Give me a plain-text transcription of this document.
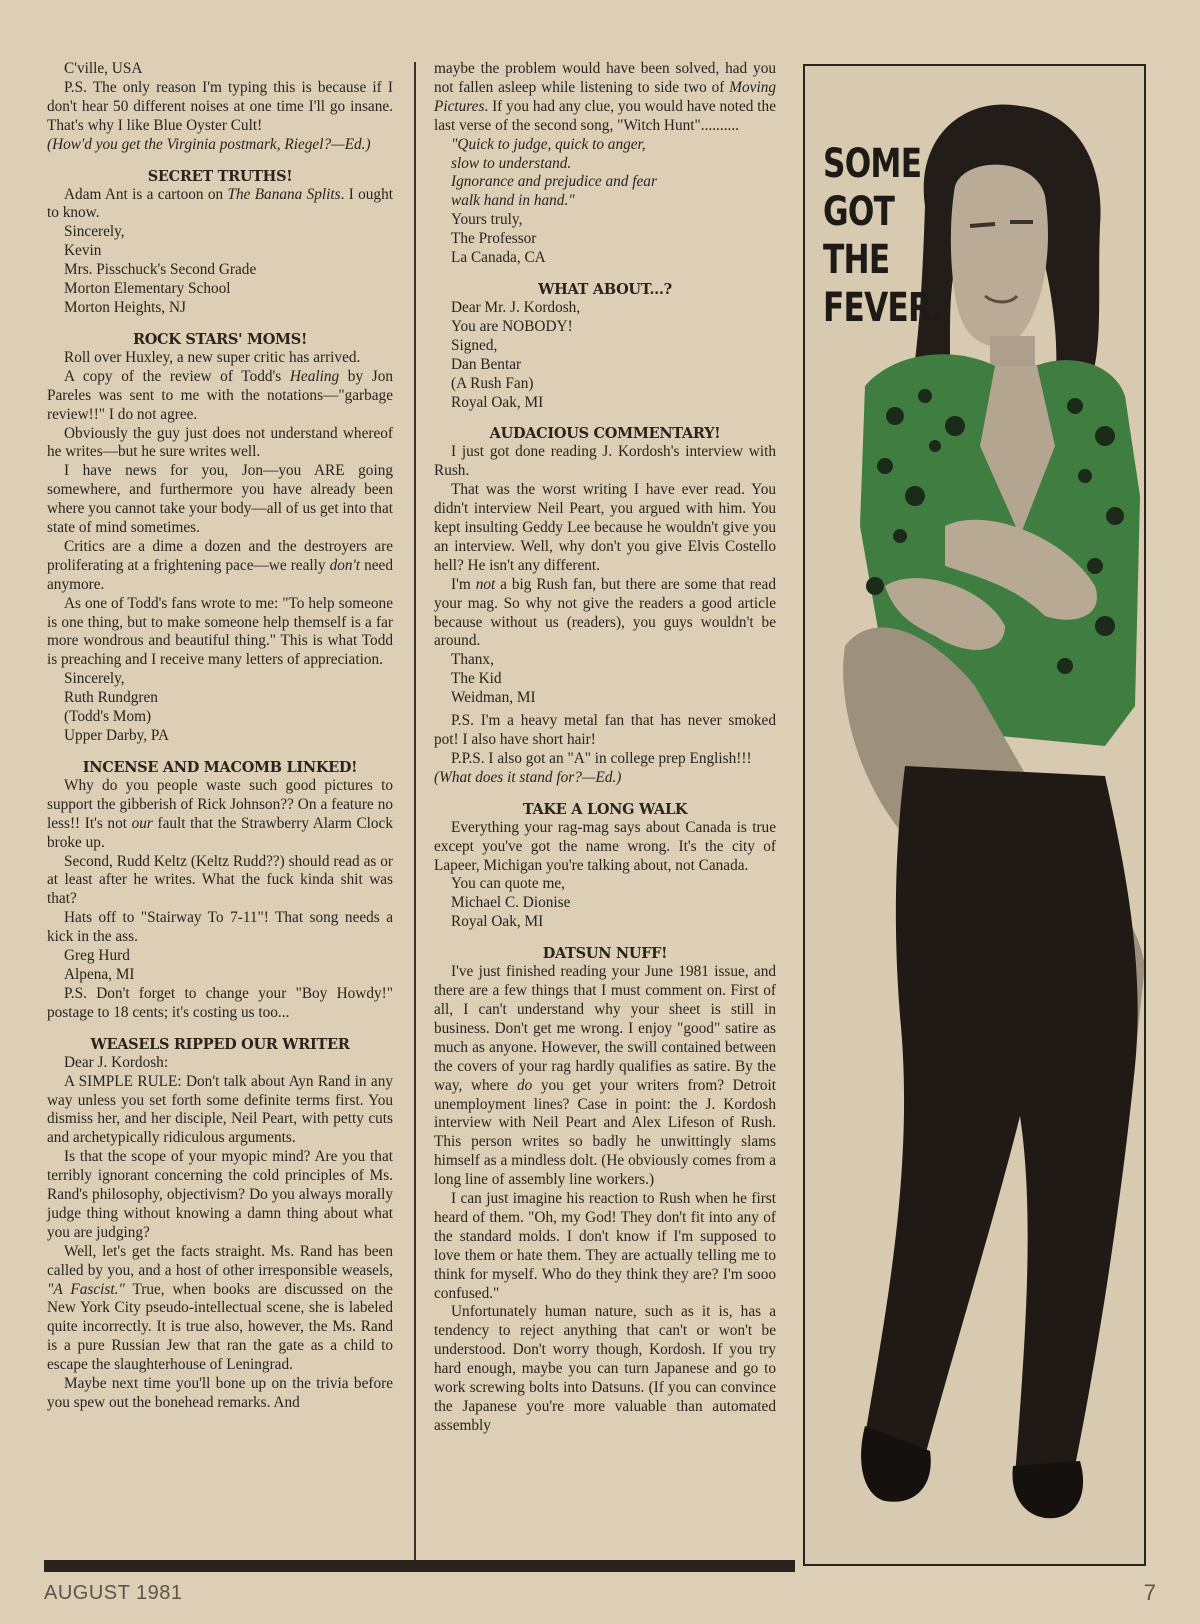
C'ville, USA

P.S. The only reason I'm typing this is because if I don't hear 50 different noises at one time I'll go insane. That's why I like Blue Oyster Cult!

(How'd you get the Virginia postmark, Riegel?—Ed.)

SECRET TRUTHS!

Adam Ant is a cartoon on The Banana Splits. I ought to know.

Sincerely,

Kevin

Mrs. Pisschuck's Second Grade

Morton Elementary School

Morton Heights, NJ

ROCK STARS' MOMS!

Roll over Huxley, a new super critic has arrived.

A copy of the review of Todd's Healing by Jon Pareles was sent to me with the notations—"garbage review!!" I do not agree.

Obviously the guy just does not understand whereof he writes—but he sure writes well.

I have news for you, Jon—you ARE going somewhere, and furthermore you have already been where you cannot take your body—all of us get into that state of mind sometimes.

Critics are a dime a dozen and the destroyers are proliferating at a frightening pace—we really don't need anymore.

As one of Todd's fans wrote to me: "To help someone is one thing, but to make someone help themself is a far more wondrous and beautiful thing." This is what Todd is preaching and I receive many letters of appreciation.

Sincerely,

Ruth Rundgren

(Todd's Mom)

Upper Darby, PA

INCENSE AND MACOMB LINKED!

Why do you people waste such good pictures to support the gibberish of Rick Johnson?? On a feature no less!! It's not our fault that the Strawberry Alarm Clock broke up.

Second, Rudd Keltz (Keltz Rudd??) should read as or at least after he writes. What the fuck kinda shit was that?

Hats off to "Stairway To 7-11"! That song needs a kick in the ass.

Greg Hurd

Alpena, MI

P.S. Don't forget to change your "Boy Howdy!" postage to 18 cents; it's costing us too...

WEASELS RIPPED OUR WRITER

Dear J. Kordosh:

A SIMPLE RULE: Don't talk about Ayn Rand in any way unless you set forth some definite terms first. You dismiss her, and her disciple, Neil Peart, with petty cuts and archetypically ridiculous arguments.

Is that the scope of your myopic mind? Are you that terribly ignorant concerning the cold principles of Ms. Rand's philosophy, objectivism? Do you always morally judge thing without knowing a damn thing about what you are judging?

Well, let's get the facts straight. Ms. Rand has been called by you, and a host of other irresponsible weasels, "A Fascist." True, when books are discussed on the New York City pseudo-intellectual scene, she is labeled quite incorrectly. It is true also, however, the Ms. Rand is a pure Russian Jew that ran the gate as a child to escape the slaughterhouse of Leningrad.

Maybe next time you'll bone up on the trivia before you spew out the bonehead remarks. And

maybe the problem would have been solved, had you not fallen asleep while listening to side two of Moving Pictures. If you had any clue, you would have noted the last verse of the second song, "Witch Hunt"..........

"Quick to judge, quick to anger,

slow to understand.

Ignorance and prejudice and fear

walk hand in hand."

Yours truly,

The Professor

La Canada, CA

WHAT ABOUT...?

Dear Mr. J. Kordosh,

You are NOBODY!

Signed,

Dan Bentar

(A Rush Fan)

Royal Oak, MI

AUDACIOUS COMMENTARY!

I just got done reading J. Kordosh's interview with Rush.

That was the worst writing I have ever read. You didn't interview Neil Peart, you argued with him. You kept insulting Geddy Lee because he wouldn't give you an interview. Well, why don't you give Elvis Costello hell? He isn't any different.

I'm not a big Rush fan, but there are some that read your mag. So why not give the readers a good article because without us (readers), you guys wouldn't be around.

Thanx,

The Kid

Weidman, MI

P.S. I'm a heavy metal fan that has never smoked pot! I also have short hair!

P.P.S. I also got an "A" in college prep English!!!

(What does it stand for?—Ed.)

TAKE A LONG WALK

Everything your rag-mag says about Canada is true except you've got the name wrong. It's the city of Lapeer, Michigan you're talking about, not Canada.

You can quote me,

Michael C. Dionise

Royal Oak, MI

DATSUN NUFF!

I've just finished reading your June 1981 issue, and there are a few things that I must comment on. First of all, I can't understand why your sheet is still in business. Don't get me wrong. I enjoy "good" satire as much as anyone. However, the swill contained between the covers of your rag hardly qualifies as satire. By the way, where do you get your writers from? Detroit unemployment lines? Case in point: the J. Kordosh interview with Neil Peart and Alex Lifeson of Rush. This person writes so badly he unwittingly slams himself as a mindless dolt. (He obviously comes from a long line of assembly line workers.)

I can just imagine his reaction to Rush when he first heard of them. "Oh, my God! They don't fit into any of the standard molds. I don't know if I'm supposed to love them or hate them. They are actually telling me to think for myself. Who do they think they are? I'm sooo confused."

Unfortunately human nature, such as it is, has a tendency to reject anything that can't or won't be understood. Don't worry though, Kordosh. If you try hard enough, maybe you can turn Japanese and go to work screwing bolts into Datsuns. (If you can convince the Japanese you're more valuable than automated assembly

SOME
GOT
THE
FEVER.
AUGUST 1981	7
